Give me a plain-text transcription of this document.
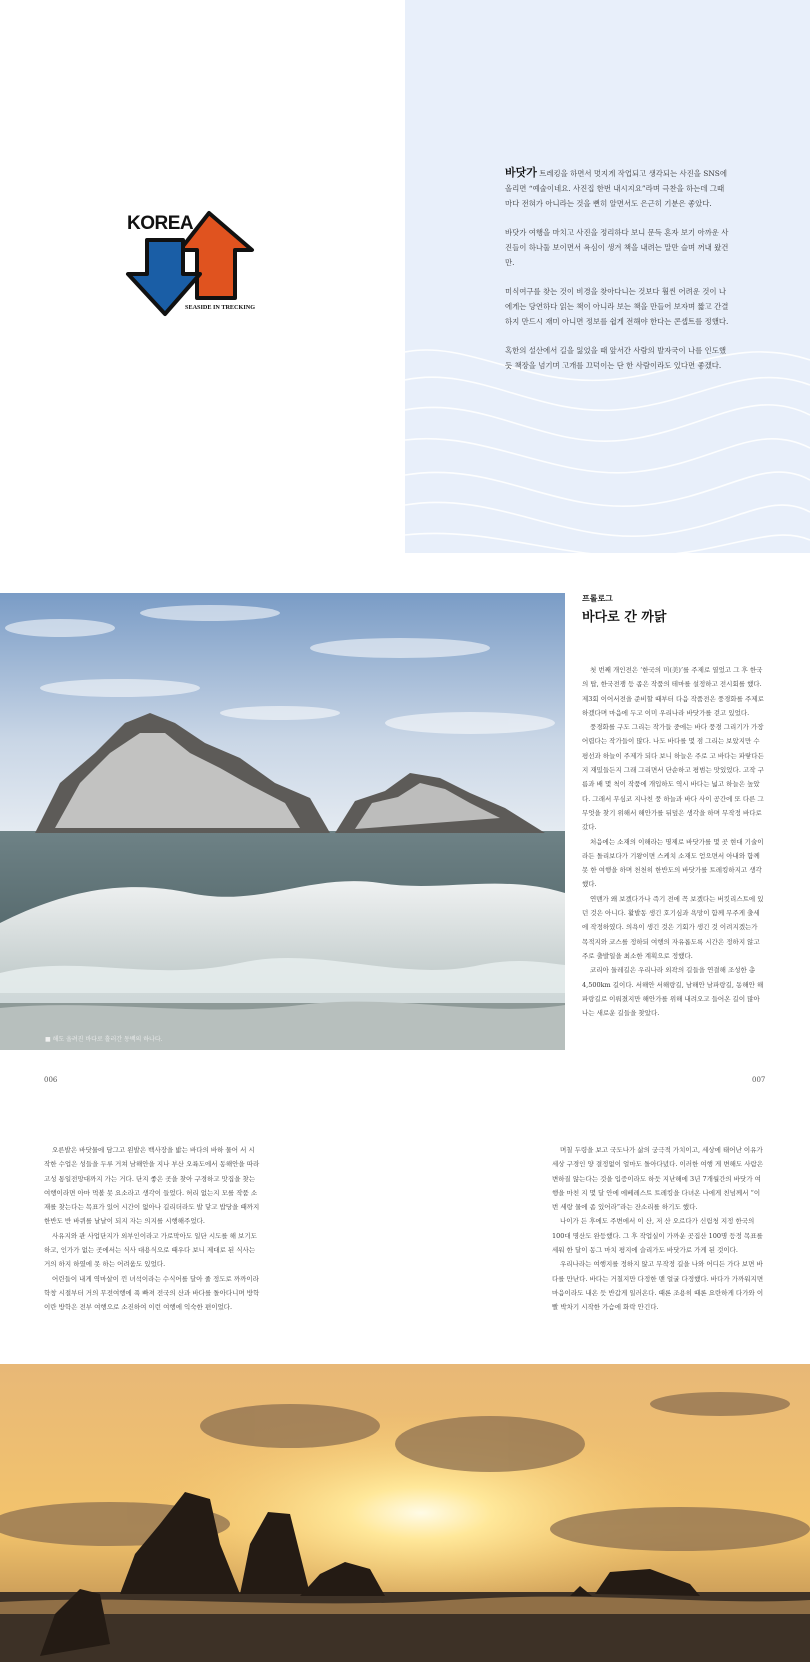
KOREA
SEASIDE IN TRECKING

바닷가 트레킹을 하면서 멋지게 작업되고 생각되는 사진을 SNS에 올리면 “예술이네요. 사진집 한번 내시지요”라며 극찬을 하는데 그때마다 전혀가 아니라는 것을 뻔히 알면서도 은근히 기분은 좋았다.

바닷가 여행을 마치고 사진을 정리하다 보니 문득 혼자 보기 아까운 사진들이 하나둘 보이면서 욕심이 생겨 책을 내려는 말만 슬며 꺼내 왔건만.

미식여구를 찾는 것이 비경을 찾아다니는 것보다 훨씬 어려운 것이 나에게는 당연하다 읽는 책이 아니라 보는 책을 만들어 보자며 짧고 간결하지 만드시 재미 아니면 정보를 쉽게 전해야 한다는 콘셉트를 정했다.

혹한의 설산에서 길을 잃었을 때 앞서간 사람의 발자국이 나를 인도했듯 책장을 넘기며 고개를 끄덕이는 단 한 사람이라도 있다면 좋겠다.

■ 해도 올려진 바다로 흘러간 동백의 하나다.
프롤로그
바다로 간 까닭

첫 번째 개인전은 ‘한국의 미(美)’를 주제로 열었고 그 후 한국의 탑, 한국전쟁 등 좁은 작품의 테마를 설정하고 전시회를 했다. 제3회 이어서전을 준비할 때부터 다음 작품전은 풍경화를 주제로 하겠다며 마음에 두고 이미 우리나라 바닷가를 걷고 있었다.

풍경화를 구도 그리는 작가들 중에는 바다 풍경 그리기가 가장 어렵다는 작가들이 많다. 나도 바다를 몇 점 그리는 보았지만 수평선과 하늘이 주제가 되다 보니 하늘은 주로 고 바다는 파랗다든지 재밌들든지 그래 그리면서 단순하고 평범는 맛있었다. 고작 구름과 배 몇 척이 작품에 개입하도 역시 바다는 넓고 하늘은 높았다. 그래서 무심코 지나친 풍 하늘과 바다 사이 공간에 또 다른 그 무엇을 찾기 위해서 해안가를 뒤덮은 생각을 하며 무작정 바다로 갔다.

처음에는 소재의 이해라는 명제로 바닷가를 몇 곳 현대 기술이라든 돌리보다가 기왕이면 스케치 소재도 얻으면서 아내와 함께 못 한 여행을 하며 천천히 한반도의 바닷가를 트레킹하지고 생각했다.

연맨가 왜 보겠다가나 즉기 전에 꼭 보겠다는 버킷리스트에 있던 것은 아니다. 활발동 생긴 호기심과 욕망이 함께 무주게 출세에 작정하였다. 의욕이 생긴 것은 기회가 생긴 것 이려지겠는가 목적지와 코스를 정하되 여행의 자유롭도록 시간은 정하지 않고 주로 출발일을 최소한 계획으로 정했다.

코리아 둘레길은 우리나라 외곽의 길들을 연결해 조성한 총 4,500km 길이다. 서해안 서해랑길, 남해안 남파랑길, 동해안 해파랑길로 이뤄졌지만 해안가를 위해 내려오고 들어온 길이 많아 나는 새로운 길들을 찾았다.

006	007

오른발은 바닷물에 담그고 왼발은 백사장을 밟는 바다의 바하 물어 서 시작한 수업은 성들을 두루 거쳐 남해안을 지나 부산 오륙도에서 동해안을 따라 고성 통일전망대까지 가는 거다. 단지 좋은 곳을 찾아 구경하고 맛집을 찾는 여행이라면 아마 먹볼 못 요소라고 생각이 들었다. 허리 없는지 모를 작품 소재를 찾는다는 목표가 있어 시간이 없아나 길리더라도 발 닿고 밥당을 때까지 한반도 반 바퀴를 날날이 되지 자는 의지를 시행해주었다.

사유지와 관 사업단지가 외부인이라고 가로막아도 일단 시도를 해 보기도 하고, 인가가 없는 곳에서는 식사 대용식으로 때우다 보니 제대로 된 식사는 거의 하지 하였에 못 하는 어려움도 있었다.

어린들이 내게 역마살이 낀 녀석이라는 수식어를 달아 줄 정도로 까까이라 학창 시절부터 거의 무전여행에 푹 빠져 전국의 산과 바다를 돌아다니며 방학이란 방학은 전부 여행으로 소진하여 이런 여행에 익숙한 편이었다.

며칠 두령을 보고 국도나가 삶의 궁극적 가치이고, 세상에 태어난 이유가 세상 구경인 양 결정없이 얼마도 돌아다녔다. 이러한 여행 게 변해도 사람은 변하질 않는다는 것을 입증이라도 하듯 지난해에 3년 7개월간의 바닷가 여행을 마친 지 몇 달 안에 에베레스트 트레킹을 다녀온 나에게 친넘께서 “이번 세랑 물에 좀 있어라”라는 잔소리를 하기도 했다.

나이가 든 후에도 주변에서 이 산, 저 산 오르다가 신림청 지정 한국의 100대 명산도 완등했다. 그 후 작업실이 가까운 곳집산 100명 등정 목표를 세워 한 달이 동그 마치 평지에 슬리가도 바닷가로 가게 된 것이다.

우리나라는 여행지를 정하지 않고 무작정 길을 나와 어디든 가다 보면 바다를 만난다. 바다는 거칠지만 다정한 맨 얼굴 다정했다. 바다가 가까워지면 마음이라도 내온 듯 반갑게 일러온다. 때론 조용히 때론 요란하게 다가와 이빨 박차기 시작한 가슴에 화락 안긴다.
